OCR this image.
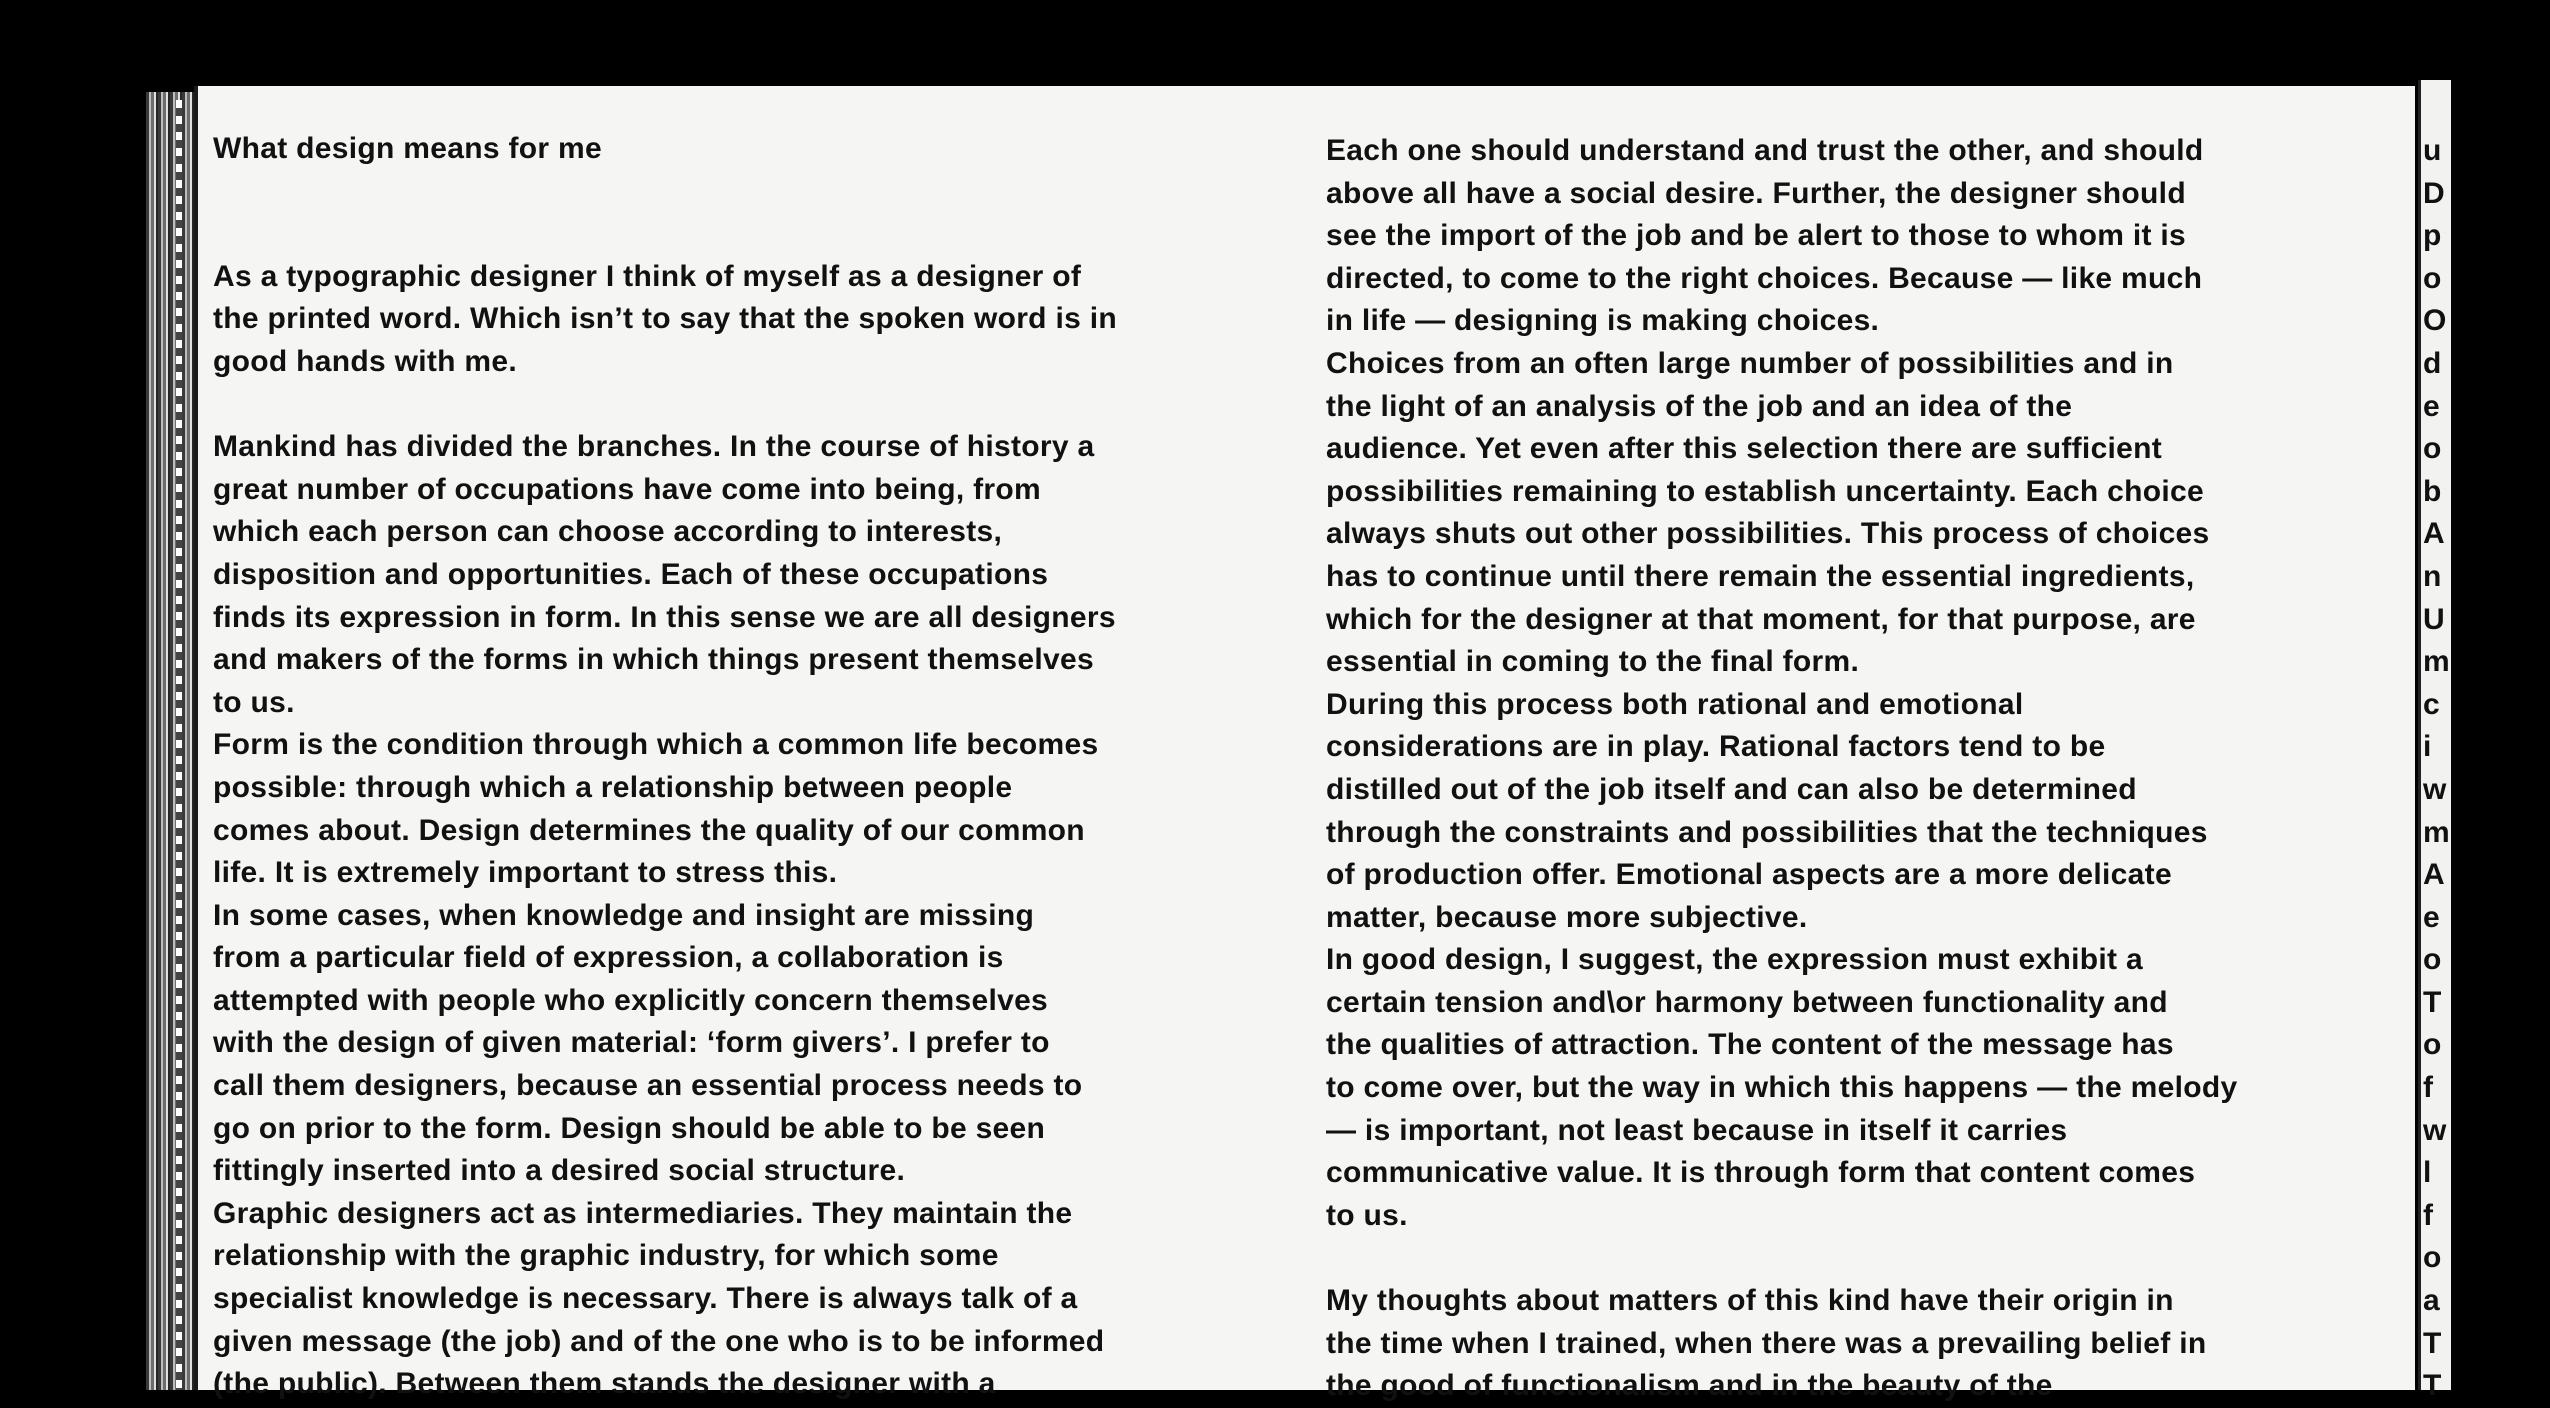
What design means for me
As a typographic designer I think of myself as a designer of
the printed word. Which isn’t to say that the spoken word is in
good hands with me.
Mankind has divided the branches. In the course of history a
great number of occupations have come into being, from
which each person can choose according to interests,
disposition and opportunities. Each of these occupations
finds its expression in form. In this sense we are all designers
and makers of the forms in which things present themselves
to us.
Form is the condition through which a common life becomes
possible: through which a relationship between people
comes about. Design determines the quality of our common
life. It is extremely important to stress this.
In some cases, when knowledge and insight are missing
from a particular field of expression, a collaboration is
attempted with people who explicitly concern themselves
with the design of given material: ‘form givers’. I prefer to
call them designers, because an essential process needs to
go on prior to the form. Design should be able to be seen
fittingly inserted into a desired social structure.
Graphic designers act as intermediaries. They maintain the
relationship with the graphic industry, for which some
specialist knowledge is necessary. There is always talk of a
given message (the job) and of the one who is to be informed
(the public). Between them stands the designer with a
Each one should understand and trust the other, and should
above all have a social desire. Further, the designer should
see the import of the job and be alert to those to whom it is
directed, to come to the right choices. Because — like much
in life — designing is making choices.
Choices from an often large number of possibilities and in
the light of an analysis of the job and an idea of the
audience. Yet even after this selection there are sufficient
possibilities remaining to establish uncertainty. Each choice
always shuts out other possibilities. This process of choices
has to continue until there remain the essential ingredients,
which for the designer at that moment, for that purpose, are
essential in coming to the final form.
During this process both rational and emotional
considerations are in play. Rational factors tend to be
distilled out of the job itself and can also be determined
through the constraints and possibilities that the techniques
of production offer. Emotional aspects are a more delicate
matter, because more subjective.
In good design, I suggest, the expression must exhibit a
certain tension and\or harmony between functionality and
the qualities of attraction. The content of the message has
to come over, but the way in which this happens — the melody
— is important, not least because in itself it carries
communicative value. It is through form that content comes
to us.
My thoughts about matters of this kind have their origin in
the time when I trained, when there was a prevailing belief in
the good of functionalism and in the beauty of the
u
D
p
o
O
d
e
o
b
A
n
U
m
c
i
w
m
A
e
o
T
o
f
w
l
f
o
a
T
T
